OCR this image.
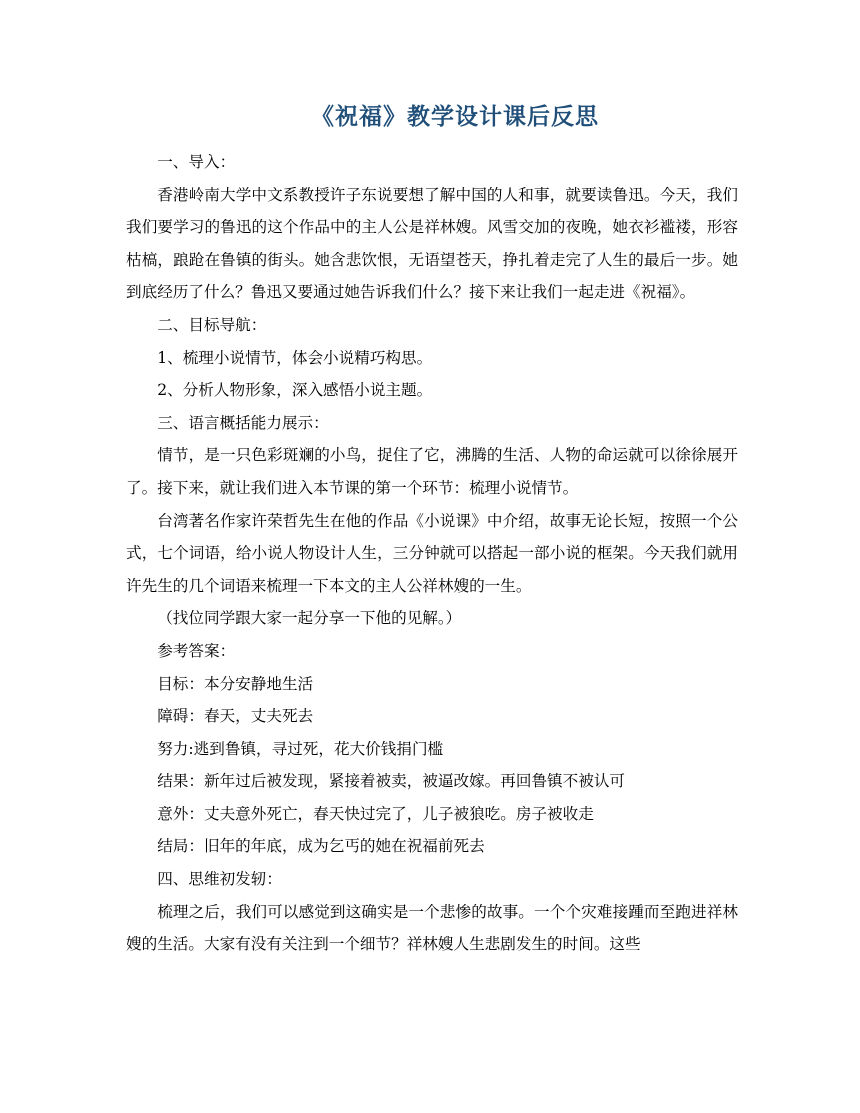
《祝福》教学设计课后反思

一、导入：

香港岭南大学中文系教授许子东说要想了解中国的人和事，就要读鲁迅。今天，我们我们要学习的鲁迅的这个作品中的主人公是祥林嫂。风雪交加的夜晚，她衣衫褴褛，形容枯槁，踉跄在鲁镇的街头。她含悲饮恨，无语望苍天，挣扎着走完了人生的最后一步。她到底经历了什么？鲁迅又要通过她告诉我们什么？接下来让我们一起走进《祝福》。

二、目标导航：

1、梳理小说情节，体会小说精巧构思。

2、分析人物形象，深入感悟小说主题。

三、语言概括能力展示：

情节，是一只色彩斑斓的小鸟，捉住了它，沸腾的生活、人物的命运就可以徐徐展开了。接下来，就让我们进入本节课的第一个环节：梳理小说情节。

台湾著名作家许荣哲先生在他的作品《小说课》中介绍，故事无论长短，按照一个公式，七个词语，给小说人物设计人生，三分钟就可以搭起一部小说的框架。今天我们就用许先生的几个词语来梳理一下本文的主人公祥林嫂的一生。

（找位同学跟大家一起分享一下他的见解。）

参考答案：

目标：本分安静地生活

障碍：春天，丈夫死去

努力:逃到鲁镇，寻过死，花大价钱捐门槛

结果：新年过后被发现，紧接着被卖，被逼改嫁。再回鲁镇不被认可

意外：丈夫意外死亡，春天快过完了，儿子被狼吃。房子被收走

结局：旧年的年底，成为乞丐的她在祝福前死去

四、思维初发轫：

梳理之后，我们可以感觉到这确实是一个悲惨的故事。一个个灾难接踵而至跑进祥林嫂的生活。大家有没有关注到一个细节？祥林嫂人生悲剧发生的时间。这些
